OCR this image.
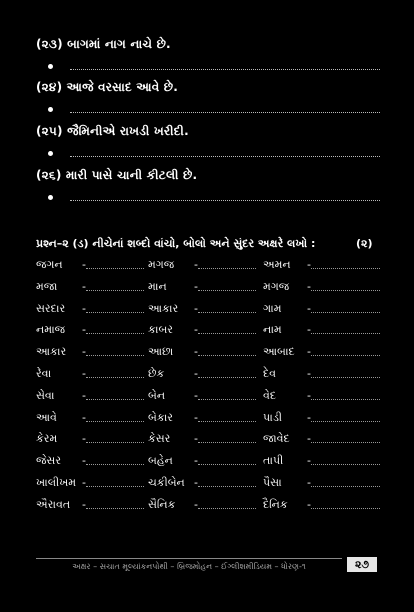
(૨૩) બાગમાં નાગ નાચે છે.
(૨૪) આજે વરસાદ આવે છે.
(૨૫) જૈમિનીએ રાખડી ખરીદી.
(૨૬) મારી પાસે ચાની કીટલી છે.
પ્રશ્ન–૨ (ડ) નીચેનાં શબ્દો વાંચો, બોલો અને સુંદર અક્ષરે લખો :	(૨)
જગન -	મગજ -	અમન -
મજા -	માન -	મગજ -
સરદાર -	આકાર -	ગામ -
નમાજ -	કાબર -	નામ -
આકાર -	આછા -	આબાદ -
રેવા	-	છેક	-	દેવ	-
સેવા	-	બેન	-	વેદ	-
આવે -	બેકાર -	પાડી -
કેરમ -	કેસર -	જાવેદ -
જેસર -	બહેન -	તાપી -
ખાલીખમ -	ચકીબેન -	પૈસા -
ઐરાવત -	સૈનિક -	દૈનિક -
અક્ષર – સચાત મૂલ્યાંકનપોથી – બ્રિજમોહન – ઈંગ્લીશમીડિયમ – ધોરણ-૧	૨૭
